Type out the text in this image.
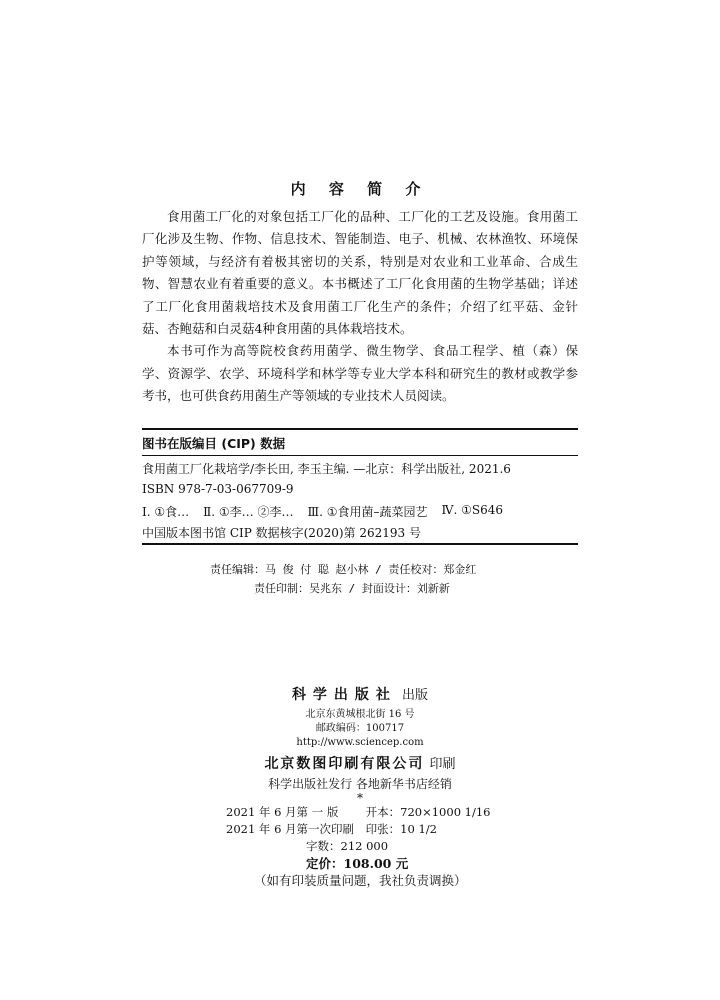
内 容 简 介

食用菌工厂化的对象包括工厂化的品种、工厂化的工艺及设施。食用菌工厂化涉及生物、作物、信息技术、智能制造、电子、机械、农林渔牧、环境保护等领域，与经济有着极其密切的关系，特别是对农业和工业革命、合成生物、智慧农业有着重要的意义。本书概述了工厂化食用菌的生物学基础；详述了工厂化食用菌栽培技术及食用菌工厂化生产的条件；介绍了红平菇、金针菇、杏鲍菇和白灵菇4种食用菌的具体栽培技术。

本书可作为高等院校食药用菌学、微生物学、食品工程学、植（森）保学、资源学、农学、环境科学和林学等专业大学本科和研究生的教材或教学参考书，也可供食药用菌生产等领域的专业技术人员阅读。

图书在版编目 (CIP) 数据
食用菌工厂化栽培学/李长田, 李玉主编. —北京：科学出版社, 2021.6
ISBN 978-7-03-067709-9
Ⅰ. ①食… Ⅱ. ①李… ②李… Ⅲ. ①食用菌–蔬菜园艺 Ⅳ. ①S646
中国版本图书馆 CIP 数据核字(2020)第 262193 号
责任编辑：马 俊 付 聪 赵小林 / 责任校对：郑金红
责任印制：吴兆东 / 封面设计：刘新新
科学出版社 出版
北京东黄城根北街 16 号
邮政编码：100717
http://www.sciencep.com
北京数图印刷有限公司 印刷
科学出版社发行 各地新华书店经销
*
2021 年 6 月第 一 版 开本：720×1000 1/16
2021 年 6 月第一次印刷 印张：10 1/2
字数：212 000
定价：108.00 元
（如有印装质量问题，我社负责调换）
